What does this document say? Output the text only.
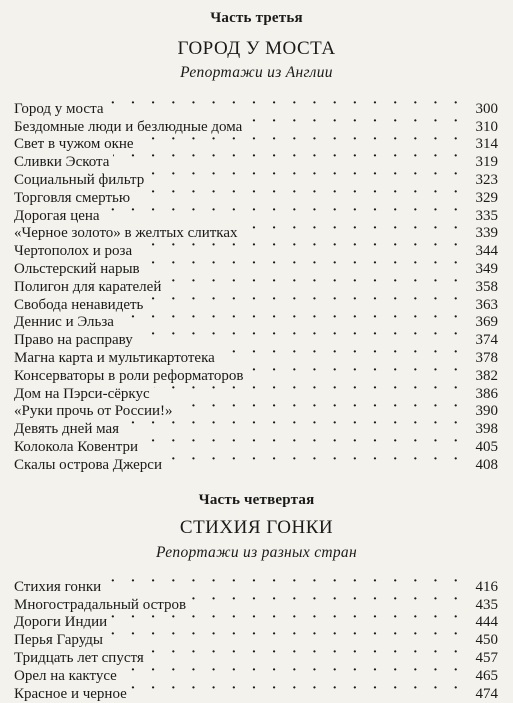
Часть третья
ГОРОД У МОСТА
Репортажи из Англии
Город у моста · · ·	300
Бездомные люди и безлюдные дома · · ·	310
Свет в чужом окне · · ·	314
Сливки Эскота · · ·	319
Социальный фильтр · · ·	323
Торговля смертью · · ·	329
Дорогая цена · · ·	335
«Черное золото» в желтых слитках · · ·	339
Чертополох и роза · · ·	344
Ольстерский нарыв · · ·	349
Полигон для карателей · · ·	358
Свобода ненавидеть · · ·	363
Деннис и Эльза · · ·	369
Право на расправу · · ·	374
Магна карта и мультикартотека · · ·	378
Консерваторы в роли реформаторов · · ·	382
Дом на Пэрси-сёркус · · ·	386
«Руки прочь от России!» · · ·	390
Девять дней мая · · ·	398
Колокола Ковентри · · ·	405
Скалы острова Джерси · · ·	408
Часть четвертая
СТИХИЯ ГОНКИ
Репортажи из разных стран
Стихия гонки · · ·	416
Многострадальный остров · · ·	435
Дороги Индии · · ·	444
Перья Гаруды · · ·	450
Тридцать лет спустя · · ·	457
Орел на кактусе · · ·	465
Красное и черное · · ·	474
